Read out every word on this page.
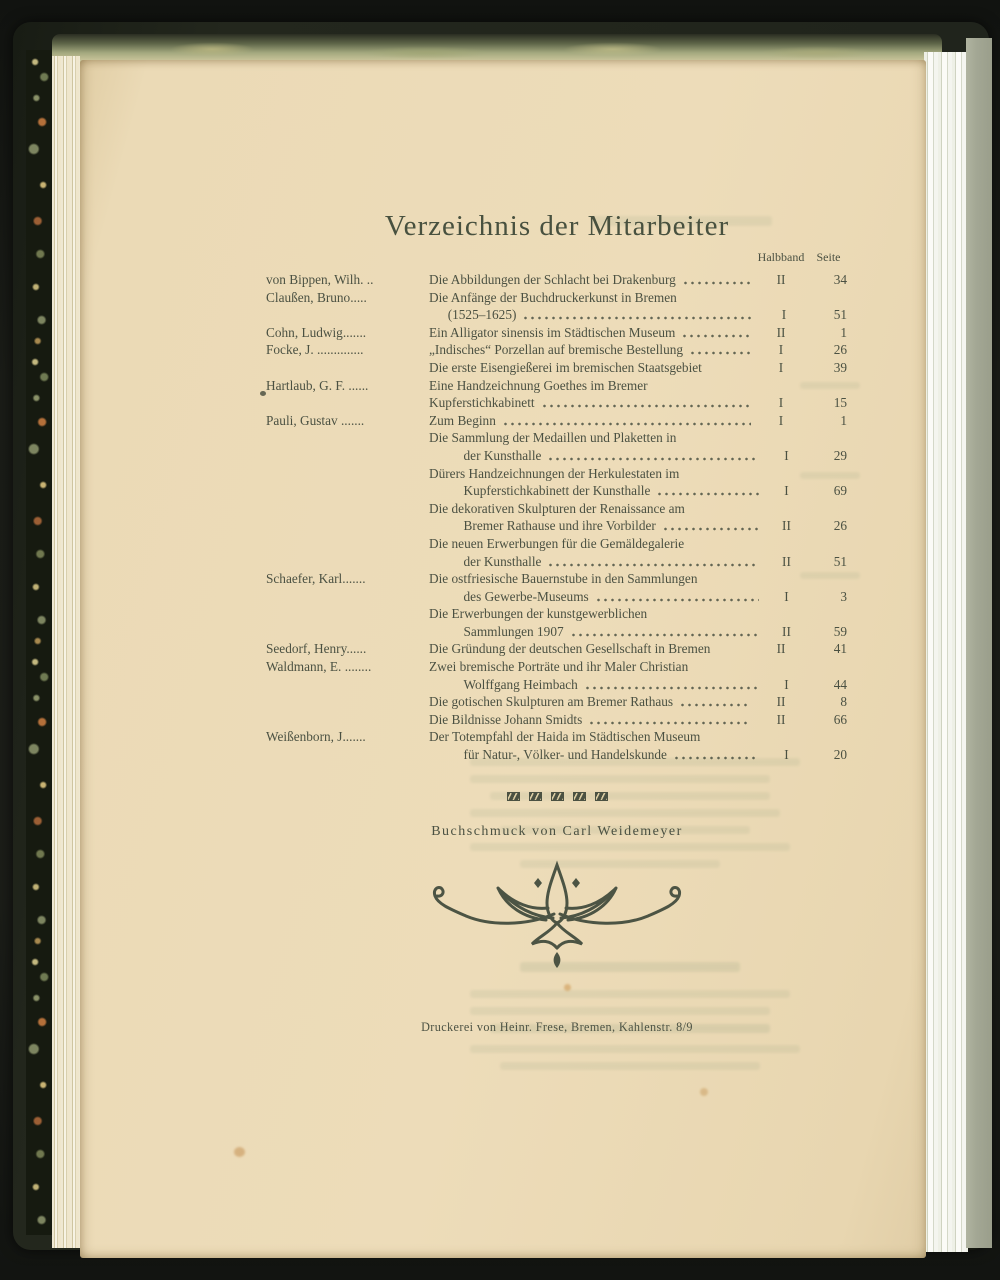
Verzeichnis der Mitarbeiter
Halbband	Seite
von Bippen, Wilh. ..	Die Abbildungen der Schlacht bei Drakenburg	II	34
Claußen, Bruno.....	Die Anfänge der Buchdruckerkunst in Bremen
(1525–1625)	I	51
Cohn, Ludwig.......	Ein Alligator sinensis im Städtischen Museum	II	1
Focke, J. ..............	„Indisches“ Porzellan auf bremische Bestellung	I	26
Die erste Eisengießerei im bremischen Staatsgebiet	I	39
Hartlaub, G. F. ......	Eine Handzeichnung Goethes im Bremer
Kupferstichkabinett	I	15
Pauli, Gustav .......	Zum Beginn	I	1
Die Sammlung der Medaillen und Plaketten in
der Kunsthalle	I	29
Dürers Handzeichnungen der Herkulestaten im
Kupferstichkabinett der Kunsthalle	I	69
Die dekorativen Skulpturen der Renaissance am
Bremer Rathause und ihre Vorbilder	II	26
Die neuen Erwerbungen für die Gemäldegalerie
der Kunsthalle	II	51
Schaefer, Karl.......	Die ostfriesische Bauernstube in den Sammlungen
des Gewerbe-Museums	I	3
Die Erwerbungen der kunstgewerblichen
Sammlungen 1907	II	59
Seedorf, Henry......	Die Gründung der deutschen Gesellschaft in Bremen	II	41
Waldmann, E. ........	Zwei bremische Porträte und ihr Maler Christian
Wolffgang Heimbach	I	44
Die gotischen Skulpturen am Bremer Rathaus	II	8
Die Bildnisse Johann Smidts	II	66
Weißenborn, J.......	Der Totempfahl der Haida im Städtischen Museum
für Natur-, Völker- und Handelskunde	I	20
Buchschmuck von Carl Weidemeyer
Druckerei von Heinr. Frese, Bremen, Kahlenstr. 8/9
